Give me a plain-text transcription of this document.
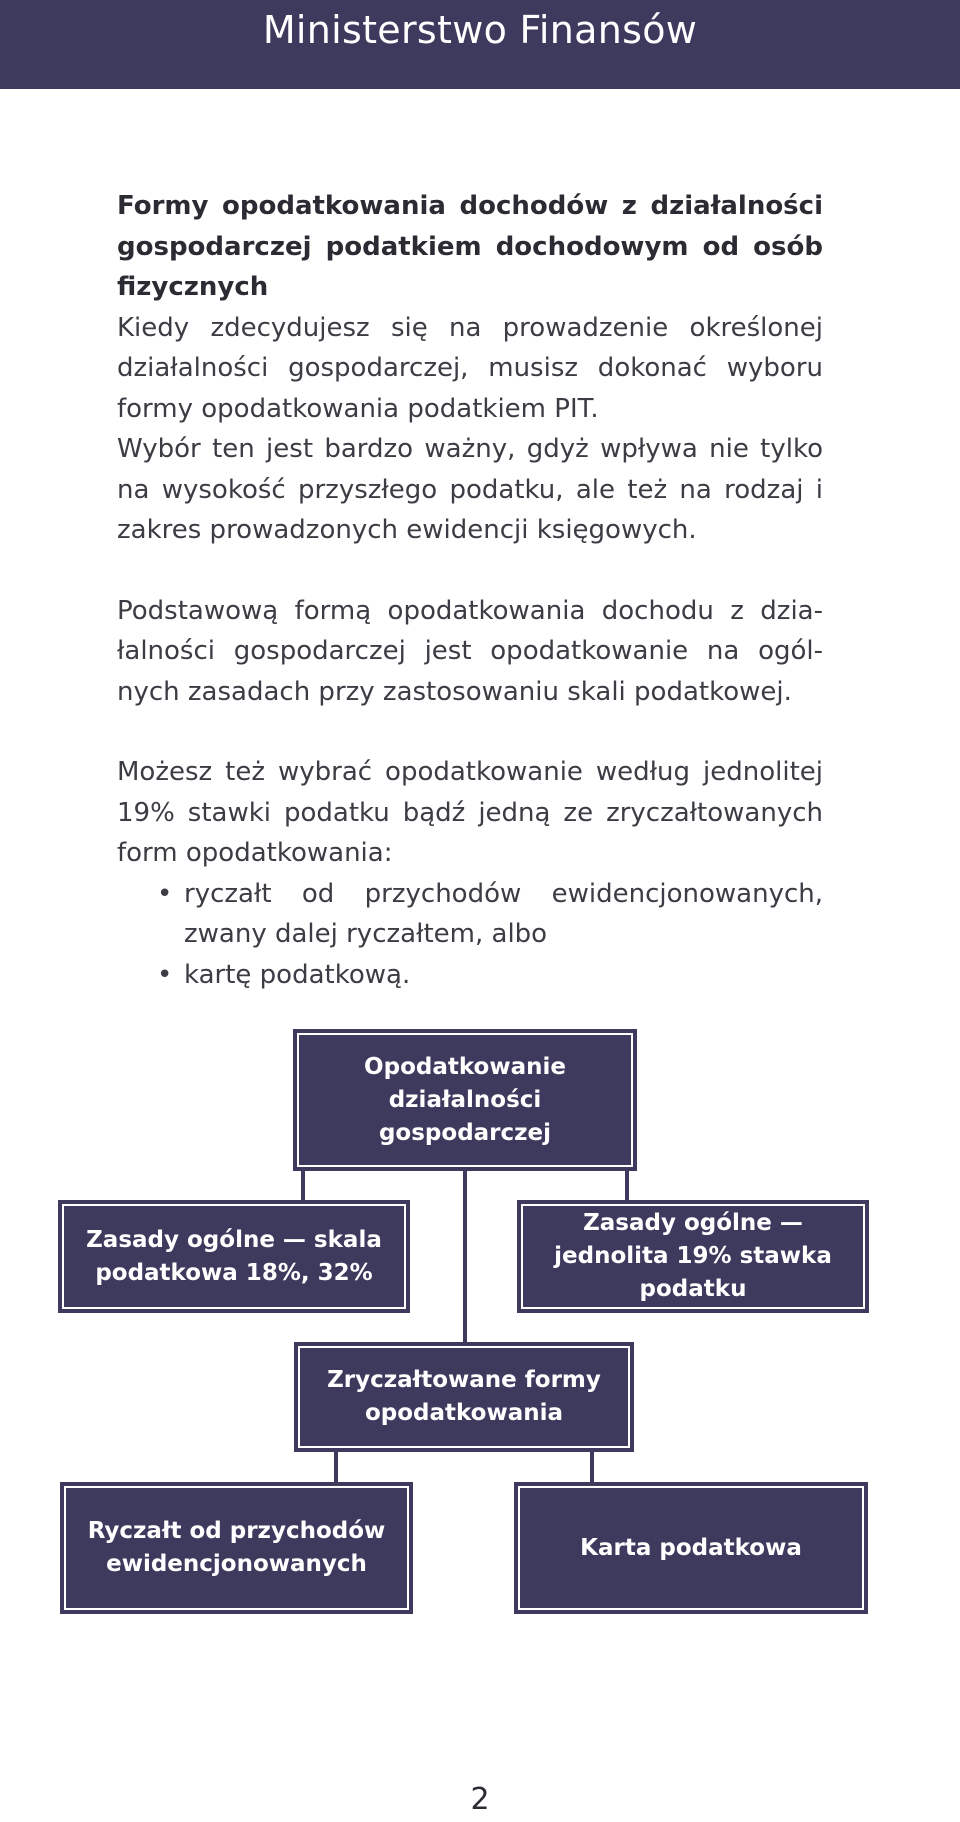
Ministerstwo Finansów
Formy opodatkowania dochodów z działalności gospodarczej podatkiem dochodowym od osób fizycznych
Kiedy zdecydujesz się na prowadzenie określonej działalności gospodarczej, musisz dokonać wyboru formy opodatkowania podatkiem PIT.
Wybór ten jest bardzo ważny, gdyż wpływa nie tylko na wysokość przyszłego podatku, ale też na rodzaj i zakres prowadzonych ewidencji księgowych.
Podstawową formą opodatkowania dochodu z działalności gospodarczej jest opodatkowanie na ogólnych zasadach przy zastosowaniu skali podatkowej.
Możesz też wybrać opodatkowanie według jednolitej 19% stawki podatku bądź jedną ze zryczałtowanych form opodatkowania:
• ryczałt od przychodów ewidencjonowanych, zwany dalej ryczałtem, albo
• kartę podatkową.
Opodatkowanie działalności gospodarczej
Zasady ogólne — skala podatkowa 18%, 32%
Zasady ogólne — jednolita 19% stawka podatku
Zryczałtowane formy opodatkowania
Ryczałt od przychodów ewidencjonowanych
Karta podatkowa
2
